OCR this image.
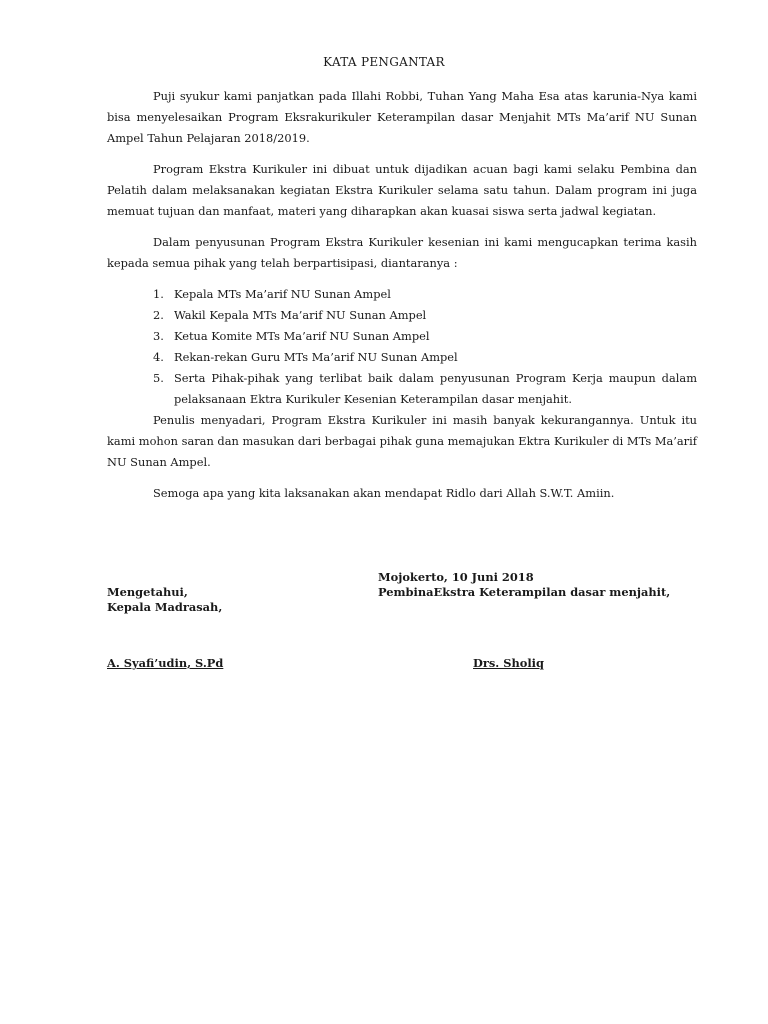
KATA PENGANTAR

Puji syukur kami panjatkan pada Illahi Robbi, Tuhan Yang Maha Esa atas karunia-Nya kami bisa menyelesaikan Program Eksrakurikuler Keterampilan dasar Menjahit MTs Ma’arif NU Sunan Ampel Tahun Pelajaran 2018/2019.

Program Ekstra Kurikuler ini dibuat untuk dijadikan acuan bagi kami selaku Pembina dan Pelatih dalam melaksanakan kegiatan Ekstra Kurikuler selama satu tahun. Dalam program ini juga memuat tujuan dan manfaat, materi yang diharapkan akan kuasai siswa serta jadwal kegiatan.

Dalam penyusunan Program Ekstra Kurikuler kesenian ini kami mengucapkan terima kasih kepada semua pihak yang telah berpartisipasi, diantaranya :

1. Kepala MTs Ma’arif NU Sunan Ampel
2. Wakil Kepala MTs Ma’arif NU Sunan Ampel
3. Ketua Komite MTs Ma’arif NU Sunan Ampel
4. Rekan-rekan Guru MTs Ma’arif NU Sunan Ampel
5. Serta Pihak-pihak yang terlibat baik dalam penyusunan Program Kerja maupun dalam pelaksanaan Ektra Kurikuler Kesenian Keterampilan dasar menjahit.

Penulis menyadari, Program Ekstra Kurikuler ini masih banyak kekurangannya. Untuk itu kami mohon saran dan masukan dari berbagai pihak guna memajukan Ektra Kurikuler di MTs Ma’arif NU Sunan Ampel.

Semoga apa yang kita laksanakan akan mendapat Ridlo dari Allah S.W.T. Amiin.

Mojokerto, 10 Juni 2018
Mengetahui,	PembinaEkstra Keterampilan dasar menjahit,
Kepala Madrasah,
A. Syafi’udin, S.Pd	Drs. Sholiq
